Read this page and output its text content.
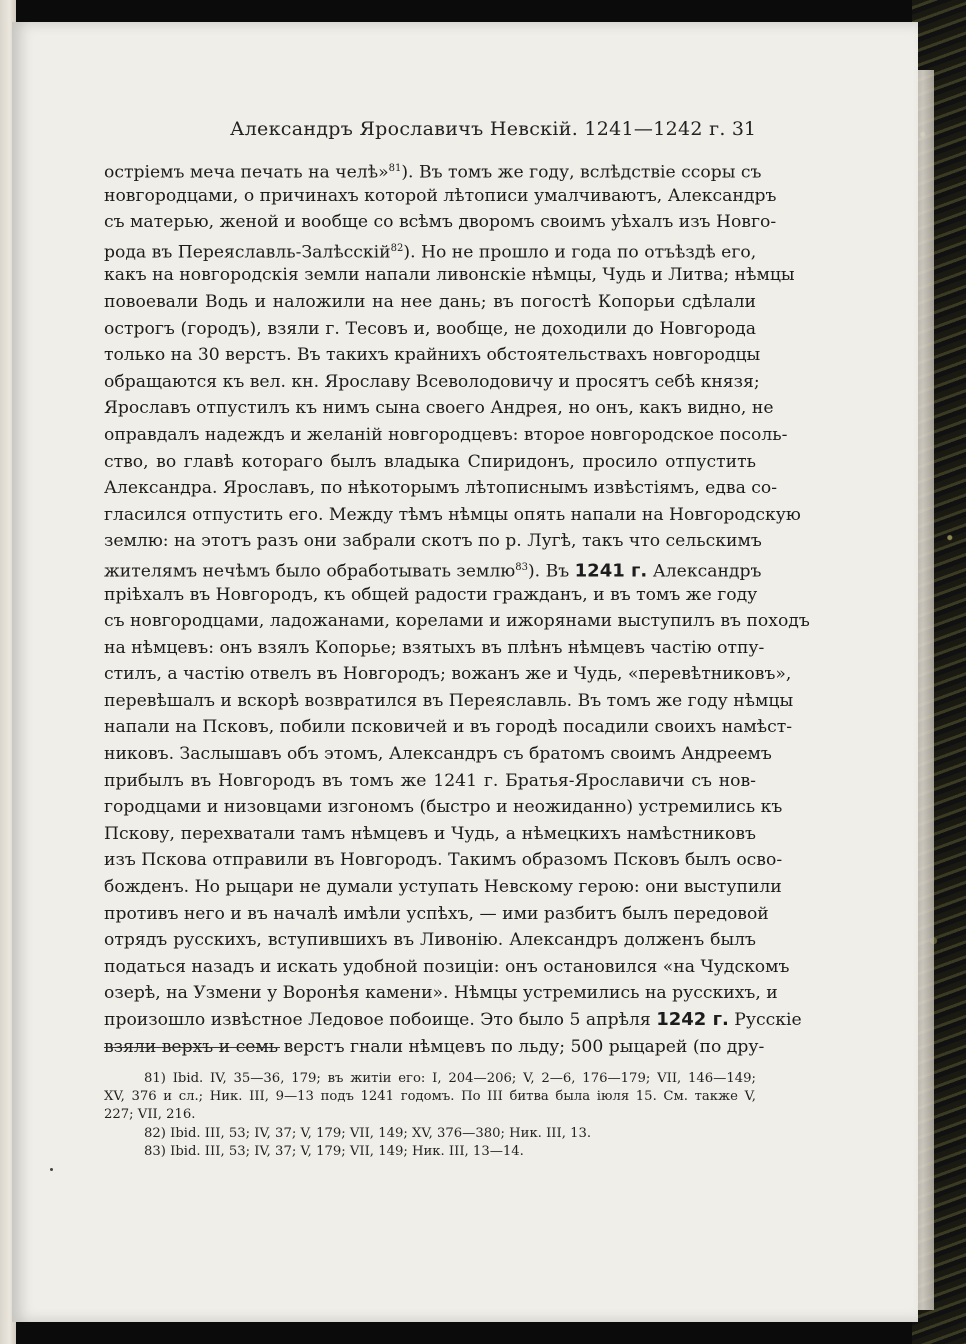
Александръ Ярославичъ Невскій. 1241—1242 г. 31
остріемъ меча печать на челѣ»$^{81}$). Въ томъ же году, вслѣдствіе ссоры съ
новгородцами, о причинахъ которой лѣтописи умалчиваютъ, Александръ
съ матерью, женой и вообще со всѣмъ дворомъ своимъ уѣхалъ изъ Новго-
рода въ Переяславль-Залѣсскій$^{82}$). Но не прошло и года по отъѣздѣ его,
какъ на новгородскія земли напали ливонскіе нѣмцы, Чудь и Литва; нѣмцы
повоевали Водь и наложили на нее дань; въ погостѣ Копорьи сдѣлали
острогъ (городъ), взяли г. Тесовъ и, вообще, не доходили до Новгорода
только на 30 верстъ. Въ такихъ крайнихъ обстоятельствахъ новгородцы
обращаются къ вел. кн. Ярославу Всеволодовичу и просятъ себѣ князя;
Ярославъ отпустилъ къ нимъ сына своего Андрея, но онъ, какъ видно, не
оправдалъ надеждъ и желаній новгородцевъ: второе новгородское посоль-
ство, во главѣ котораго былъ владыка Спиридонъ, просило отпустить
Александра. Ярославъ, по нѣкоторымъ лѣтописнымъ извѣстіямъ, едва со-
гласился отпустить его. Между тѣмъ нѣмцы опять напали на Новгородскую
землю: на этотъ разъ они забрали скотъ по р. Лугѣ, такъ что сельскимъ
жителямъ нечѣмъ было обработывать землю$^{83}$). Въ 1241 г. Александръ
пріѣхалъ въ Новгородъ, къ общей радости гражданъ, и въ томъ же году
съ новгородцами, ладожанами, корелами и ижорянами выступилъ въ походъ
на нѣмцевъ: онъ взялъ Копорье; взятыхъ въ плѣнъ нѣмцевъ частію отпу-
стилъ, а частію отвелъ въ Новгородъ; вожанъ же и Чудь, «перевѣтниковъ»,
перевѣшалъ и вскорѣ возвратился въ Переяславль. Въ томъ же году нѣмцы
напали на Псковъ, побили псковичей и въ городѣ посадили своихъ намѣст-
никовъ. Заслышавъ объ этомъ, Александръ съ братомъ своимъ Андреемъ
прибылъ въ Новгородъ въ томъ же 1241 г. Братья-Ярославичи съ нов-
городцами и низовцами изгономъ (быстро и неожиданно) устремились къ
Пскову, перехватали тамъ нѣмцевъ и Чудь, а нѣмецкихъ намѣстниковъ
изъ Пскова отправили въ Новгородъ. Такимъ образомъ Псковъ былъ освo-
божденъ. Но рыцари не думали уступать Невскому герою: они выступили
противъ него и въ началѣ имѣли успѣхъ, — ими разбитъ былъ передовой
отрядъ русскихъ, вступившихъ въ Ливонію. Александръ долженъ былъ
податься назадъ и искать удобной позиціи: онъ остановился «на Чудскомъ
озерѣ, на Узмени у Воронѣя камени». Нѣмцы устремились на русскихъ, и
произошло извѣстное Ледовое побоище. Это было 5 апрѣля 1242 г. Русскіе
взяли верхъ и семь верстъ гнали нѣмцевъ по льду; 500 рыцарей (по дру-
81) Ibid. IV, 35—36, 179; въ житіи его: I, 204—206; V, 2—6, 176—179; VII, 146—149;
XV, 376 и сл.; Ник. III, 9—13 подъ 1241 годомъ. По III битва была іюля 15. См. также V,
227; VII, 216.
82) Ibid. III, 53; IV, 37; V, 179; VII, 149; XV, 376—380; Ник. III, 13.
83) Ibid. III, 53; IV, 37; V, 179; VII, 149; Ник. III, 13—14.
